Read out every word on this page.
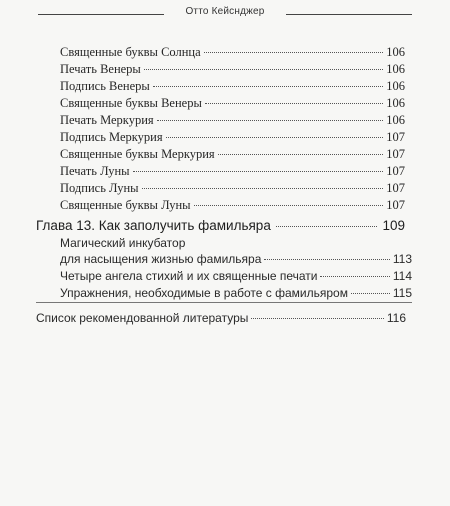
Отто Кейснджер
Священные буквы Солнца	106
Печать Венеры	106
Подпись Венеры	106
Священные буквы Венеры	106
Печать Меркурия	106
Подпись Меркурия	107
Священные буквы Меркурия	107
Печать Луны	107
Подпись Луны	107
Священные буквы Луны	107
Глава 13. Как заполучить фамильяра	109
Магический инкубатор
для насыщения жизнью фамильяра	113
Четыре ангела стихий и их священные печати	114
Упражнения, необходимые в работе с фамильяром	115
Список рекомендованной литературы	116
